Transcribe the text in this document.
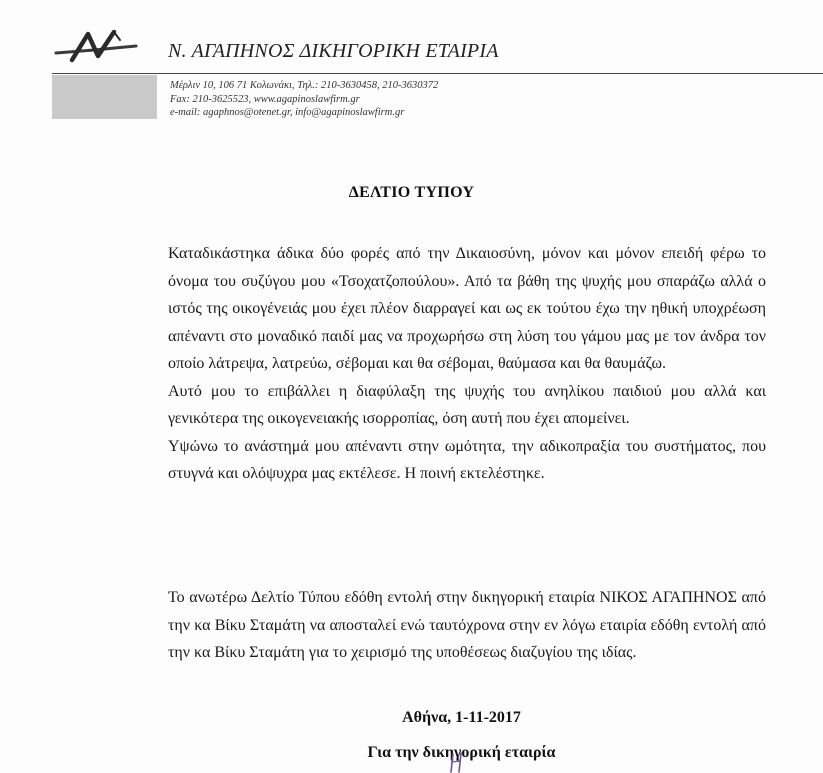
Ν. ΑΓΑΠΗΝΟΣ ΔΙΚΗΓΟΡΙΚΗ ΕΤΑΙΡΙΑ
Μέρλιν 10, 106 71 Κολωνάκι, Τηλ.: 210-3630458, 210-3630372
Fax: 210-3625523, www.agapinoslawfirm.gr
e-mail: agaphnos@otenet.gr, info@agapinoslawfirm.gr
ΔΕΛΤΙΟ ΤΥΠΟΥ

Καταδικάστηκα άδικα δύο φορές από την Δικαιοσύνη, μόνον και μόνον επειδή φέρω το όνομα του συζύγου μου «Τσοχατζοπούλου». Από τα βάθη της ψυχής μου σπαράζω αλλά ο ιστός της οικογένειάς μου έχει πλέον διαρραγεί και ως εκ τούτου έχω την ηθική υποχρέωση απέναντι στο μοναδικό παιδί μας να προχωρήσω στη λύση του γάμου μας με τον άνδρα τον οποίο λάτρεψα, λατρεύω, σέβομαι και θα σέβομαι, θαύμασα και θα θαυμάζω.

Αυτό μου το επιβάλλει η διαφύλαξη της ψυχής του ανηλίκου παιδιού μου αλλά και γενικότερα της οικογενειακής ισορροπίας, όση αυτή που έχει απομείνει.

Υψώνω το ανάστημά μου απέναντι στην ωμότητα, την αδικοπραξία του συστήματος, που στυγνά και ολόψυχρα μας εκτέλεσε. Η ποινή εκτελέστηκε.

Το ανωτέρω Δελτίο Τύπου εδόθη εντολή στην δικηγορική εταιρία ΝΙΚΟΣ ΑΓΑΠΗΝΟΣ από την κα Βίκυ Σταμάτη να αποσταλεί ενώ ταυτόχρονα στην εν λόγω εταιρία εδόθη εντολή από την κα Βίκυ Σταμάτη για το χειρισμό της υποθέσεως διαζυγίου της ιδίας.

Αθήνα, 1-11-2017
Για την δικηγορική εταιρία
